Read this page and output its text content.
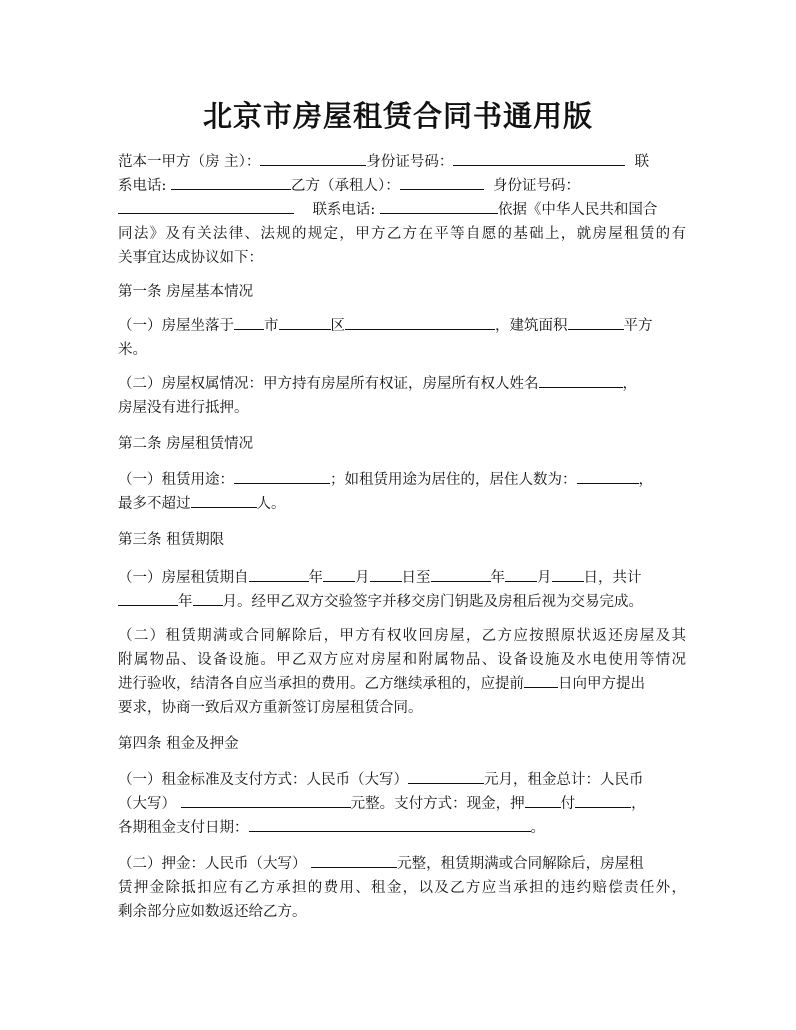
北京市房屋租赁合同书通用版
范本一甲方（房 主）：	身份证号码：	联
系电话:	乙方（承租人）：	身份证号码：
联系电话:	依据《中华人民共和国合
同法》及有关法律、法规的规定，甲方乙方在平等自愿的基础上，就房屋租赁的有
关事宜达成协议如下：
第一条 房屋基本情况
（一）房屋坐落于 市	区	，建筑面积	平方
米。
（二）房屋权属情况：甲方持有房屋所有权证，房屋所有权人姓名	，
房屋没有进行抵押。
第二条 房屋租赁情况
（一）租赁用途：	；如租赁用途为居住的，居住人数为：	，
最多不超过	人。
第三条 租赁期限
（一）房屋租赁期自	年 月 日至	年 月 日，共计
年 月。经甲乙双方交验签字并移交房门钥匙及房租后视为交易完成。
（二）租赁期满或合同解除后，甲方有权收回房屋，乙方应按照原状返还房屋及其
附属物品、设备设施。甲乙双方应对房屋和附属物品、设备设施及水电使用等情况
进行验收，结清各自应当承担的费用。乙方继续承租的，应提前 日向甲方提出
要求，协商一致后双方重新签订房屋租赁合同。
第四条 租金及押金
（一）租金标准及支付方式：人民币（大写）	元月，租金总计：人民币
（大写）	元整。支付方式：现金，押 付	，
各期租金支付日期：	。
（二）押金：人民币（大写）	元整，租赁期满或合同解除后，房屋租
赁押金除抵扣应有乙方承担的费用、租金，以及乙方应当承担的违约赔偿责任外，
剩余部分应如数返还给乙方。
